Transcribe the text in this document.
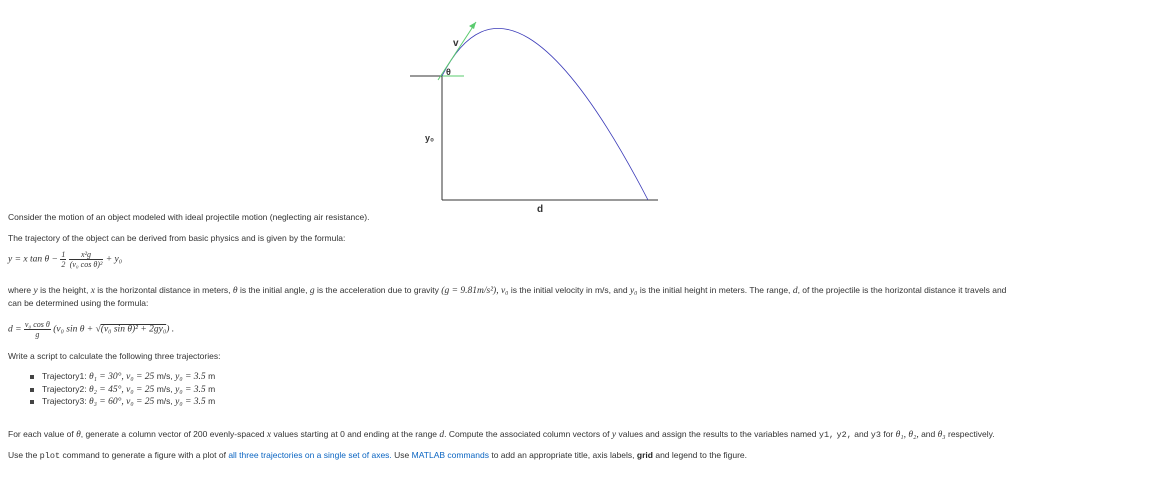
v
θ
y₀
d

Consider the motion of an object modeled with ideal projectile motion (neglecting air resistance).

The trajectory of the object can be derived from basic physics and is given by the formula:

y = x $\tan \theta - \frac{1}{2}$
$\frac{\text{x²g}}{\text{(v₀ cos θ)²}} + y_0$

where y is the height, x is the horizontal distance in meters, θ is the initial angle, g is the acceleration due to gravity (g = 9.81m/s²), v₀ is the initial velocity in m/s, and y₀ is the initial height in meters. The range, d, of the projectile is the horizontal distance it travels and

can be determined using the formula:

$d = \frac{\text{v₀ cos θ}}{g} (v_0$ sin θ + √(v₀ sin θ)² + 2gy₀) .

Write a script to calculate the following three trajectories:

Trajectory1: θ₁ = 30°, v₀ = 25 m/s, y₀ = 3.5 m
Trajectory2: θ₂ = 45°, v₀ = 25 m/s, y₀ = 3.5 m
Trajectory3: θ₃ = 60°, v₀ = 25 m/s, y₀ = 3.5 m

For each value of θ, generate a column vector of 200 evenly-spaced x values starting at 0 and ending at the range d. Compute the associated column vectors of y values and assign the results to the variables named y1, y2, and y3 for θ₁, θ₂, and θ₃ respectively.

Use the plot command to generate a figure with a plot of all three trajectories on a single set of axes. Use MATLAB commands to add an appropriate title, axis labels, grid and legend to the figure.
